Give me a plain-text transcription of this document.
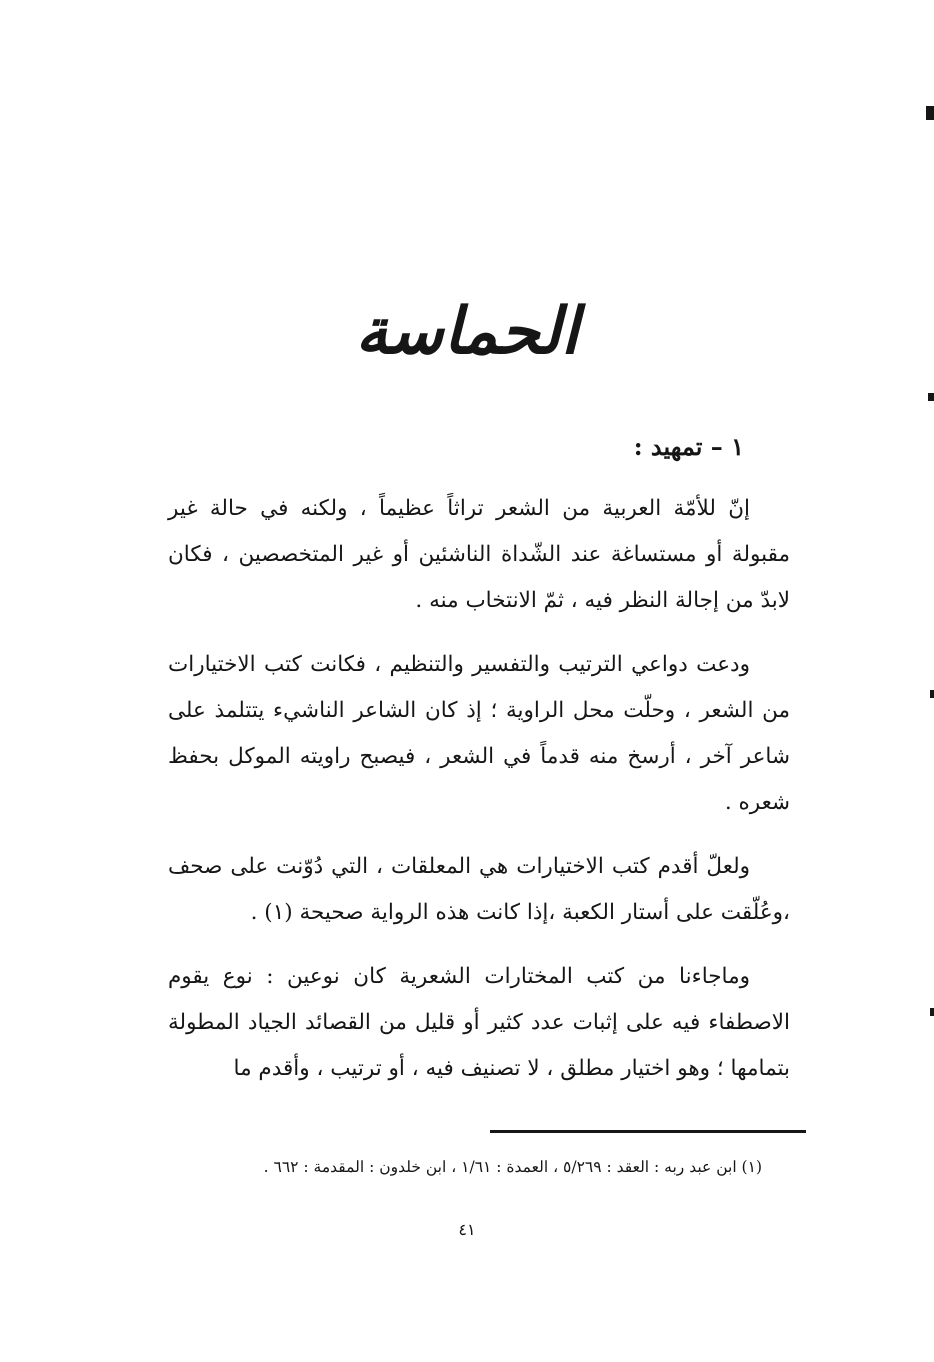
الحماسة
١ – تمهيد :

إنّ للأمّة العربية من الشعر تراثاً عظيماً ، ولكنه في حالة غير مقبولة أو مستساغة عند الشّداة الناشئين أو غير المتخصصين ، فكان لابدّ من إجالة النظر فيه ، ثمّ الانتخاب منه .

ودعت دواعي الترتيب والتفسير والتنظيم ، فكانت كتب الاختيارات من الشعر ، وحلّت محل الراوية ؛ إذ كان الشاعر الناشيء يتتلمذ على شاعر آخر ، أرسخ منه قدماً في الشعر ، فيصبح راويته الموكل بحفظ شعره .

ولعلّ أقدم كتب الاختيارات هي المعلقات ، التي دُوّنت على صحف ،وعُلّقت على أستار الكعبة ،إذا كانت هذه الرواية صحيحة (١) .

وماجاءنا من كتب المختارات الشعرية كان نوعين : نوع يقوم الاصطفاء فيه على إثبات عدد كثير أو قليل من القصائد الجياد المطولة بتمامها ؛ وهو اختيار مطلق ، لا تصنيف فيه ، أو ترتيب ، وأقدم ما

(١) ابن عبد ربه : العقد : ٥/٢٦٩ ، العمدة : ١/٦١ ، ابن خلدون : المقدمة : ٦٦٢ .
٤١
